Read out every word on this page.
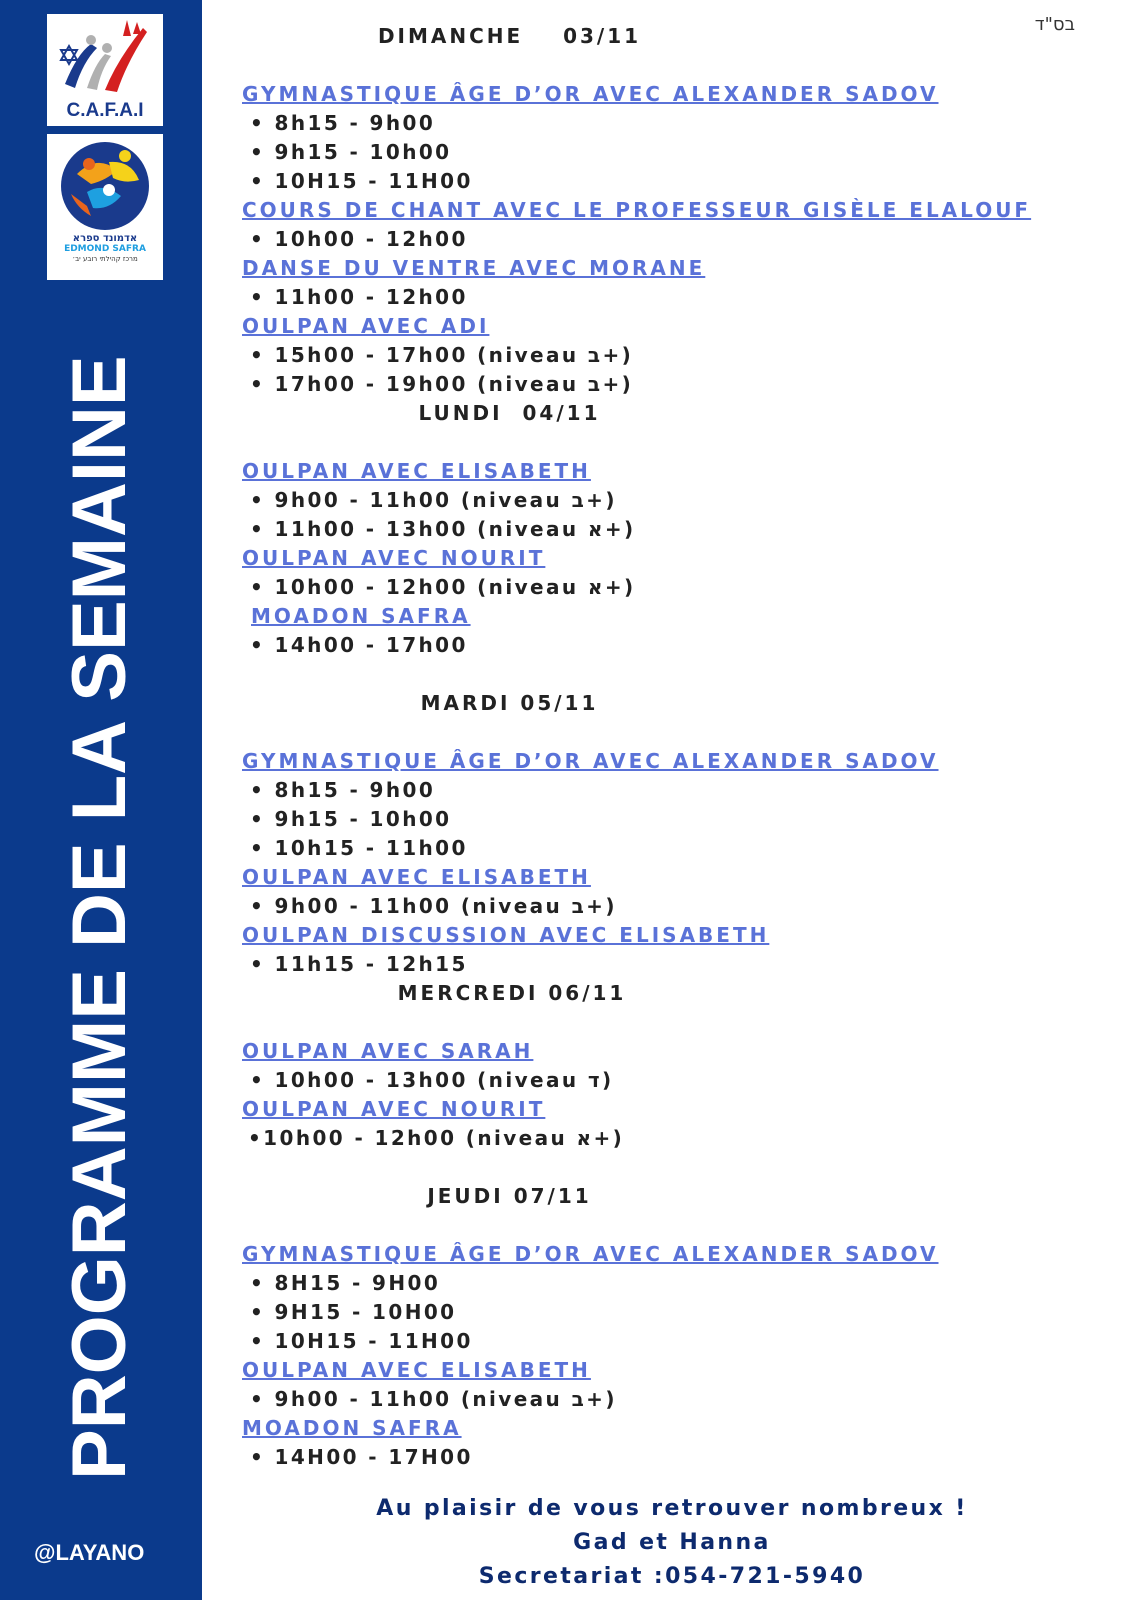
C.A.F.A.I
אדמונד ספרא
EDMOND SAFRA
מרכז קהילתי רובע יב׳
PROGRAMME DE LA SEMAINE
@LAYANO
בס"ד
DIMANCHE 03/11
GYMNASTIQUE ÂGE D’OR AVEC ALEXANDER SADOV
• 8h15 - 9h00
• 9h15 - 10h00
• 10H15 - 11H00
COURS DE CHANT AVEC LE PROFESSEUR GISÈLE ELALOUF
• 10h00 - 12h00
DANSE DU VENTRE AVEC MORANE
• 11h00 - 12h00
OULPAN AVEC ADI
• 15h00 - 17h00 (niveau ב+)
• 17h00 - 19h00 (niveau ב+)
LUNDI 04/11
OULPAN AVEC ELISABETH
• 9h00 - 11h00 (niveau ב+)
• 11h00 - 13h00 (niveau א+)
OULPAN AVEC NOURIT
• 10h00 - 12h00 (niveau א+)
MOADON SAFRA
• 14h00 - 17h00
MARDI 05/11
GYMNASTIQUE ÂGE D’OR AVEC ALEXANDER SADOV
• 8h15 - 9h00
• 9h15 - 10h00
• 10h15 - 11h00
OULPAN AVEC ELISABETH
• 9h00 - 11h00 (niveau ב+)
OULPAN DISCUSSION AVEC ELISABETH
• 11h15 - 12h15
MERCREDI 06/11
OULPAN AVEC SARAH
• 10h00 - 13h00 (niveau ד)
OULPAN AVEC NOURIT
•10h00 - 12h00 (niveau א+)
JEUDI 07/11
GYMNASTIQUE ÂGE D’OR AVEC ALEXANDER SADOV
• 8H15 - 9H00
• 9H15 - 10H00
• 10H15 - 11H00
OULPAN AVEC ELISABETH
• 9h00 - 11h00 (niveau ב+)
MOADON SAFRA
• 14H00 - 17H00
Au plaisir de vous retrouver nombreux !
Gad et Hanna
Secretariat :054-721-5940
